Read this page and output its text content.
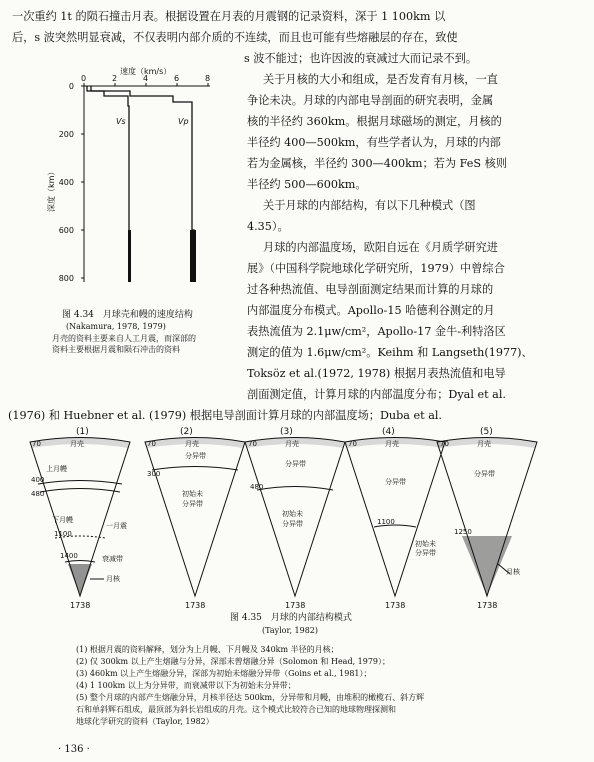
一次重约 1t 的陨石撞击月表。根据设置在月表的月震钢的记录资料，深于 1 100km 以
后，s 波突然明显衰减，不仅表明内部介质的不连续，而且也可能有些熔融层的存在，致使
s 波不能过；也许因波的衰减过大而记录不到。
速度（km/s）
0	2	4	6	8
0
200
400
600
800
深度（km）
Vs	Vp
图 4.34　月球壳和幔的速度结构
(Nakamura, 1978, 1979)
月壳的资料主要来自人工月震，而深部的
资料主要根据月震和陨石冲击的资料
关于月核的大小和组成，是否发育有月核，一直
争论未决。月球的内部电导剖面的研究表明，金属
核的半径约 360km。根据月球磁场的测定，月核的
半径约 400—500km，有些学者认为，月球的内部
若为金属核，半径约 300—400km；若为 FeS 核则
半径约 500—600km。
关于月球的内部结构，有以下几种模式（图
4.35）。
月球的内部温度场，欧阳自远在《月质学研究进
展》（中国科学院地球化学研究所，1979）中曾综合
过各种热流值、电导剖面测定结果而计算的月球的
内部温度分布模式。Apollo-15 哈德利谷测定的月
表热流值为 2.1μw/cm²，Apollo-17 金牛-利特洛区
测定的值为 1.6μw/cm²。Keihm 和 Langseth(1977)、
Toksöz et al.(1972, 1978) 根据月表热流值和电导
剖面测定值，计算月球的内部温度分布；Dyal et al.
(1976) 和 Huebner et al. (1979) 根据电导剖面计算月球的内部温度场；Duba et al.
(1)
70	月壳
上月幔
400
480
下月幔
1100
一月震
衰减带
1400
月核
1738
(2)
70	月壳
300
分异带
初始未
分异带
1738
(3)
70	月壳
分异带
480
初始未
分异带
1738
(4)
70	月壳
分异带
1100
初始未
分异带
1738
(5)
70	月壳
分异带
1250
月核
1738
图 4.35　月球的内部结构模式
(Taylor, 1982)
(1) 根据月震的资料解释，划分为上月幔、下月幔及 340km 半径的月核；
(2) 仅 300km 以上产生熔融与分异，深部未曾熔融分异（Solomon 和 Head, 1979）；
(3) 460km 以上产生熔融分异，深部为初始未熔融分异带（Goins et al., 1981）；
(4) 1 100km 以上为分异带，而衰减带以下为初始未分异带；
(5) 整个月球的内部产生熔融分异，月核半径达 500km，分异带和月幔，由堆积的橄榄石、斜方辉
石和单斜辉石组成，最顶部为斜长岩组成的月壳。这个模式比较符合已知的地球物理探测和
地球化学研究的资料（Taylor, 1982）
· 136 ·
